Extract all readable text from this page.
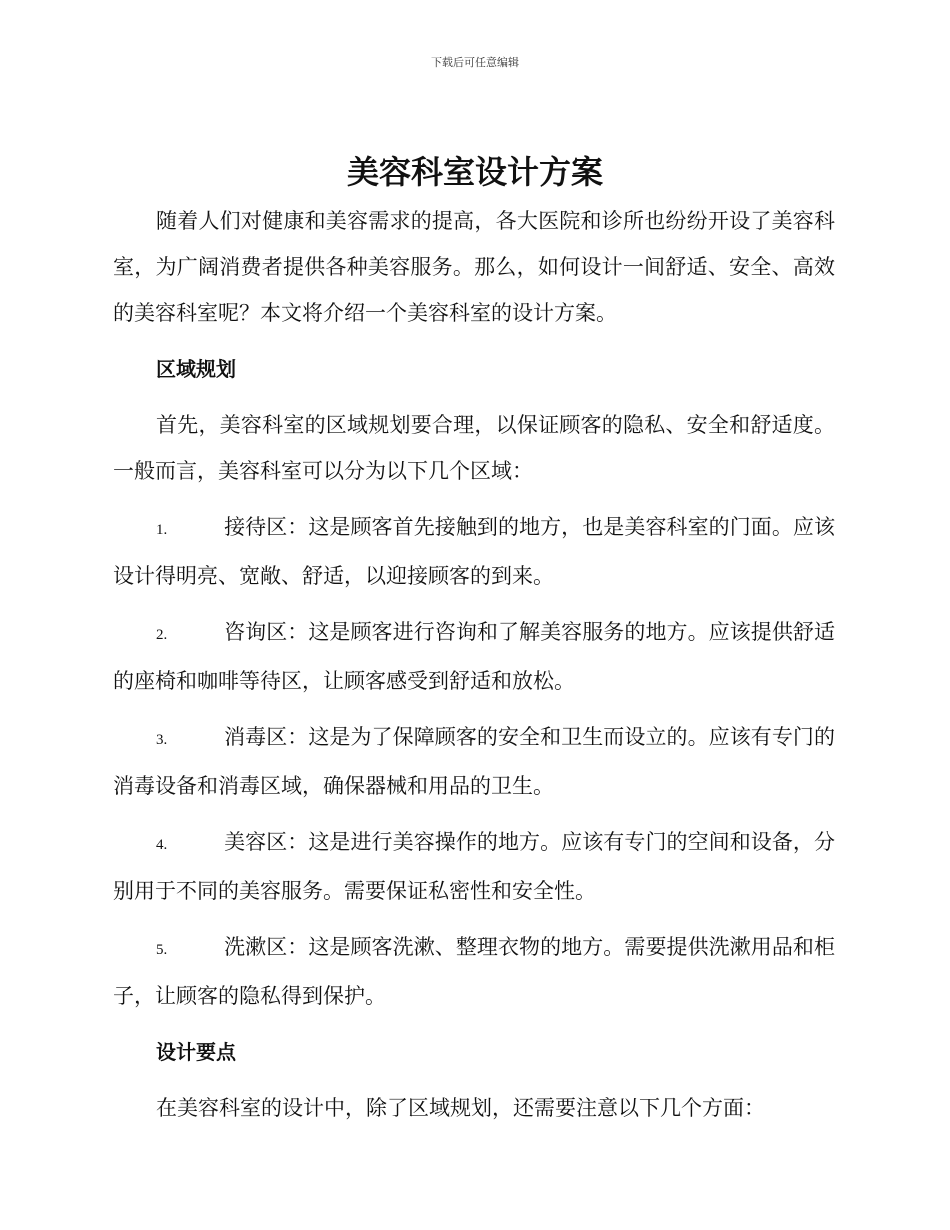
下载后可任意编辑
美容科室设计方案

随着人们对健康和美容需求的提高，各大医院和诊所也纷纷开设了美容科室，为广阔消费者提供各种美容服务。那么，如何设计一间舒适、安全、高效的美容科室呢？本文将介绍一个美容科室的设计方案。

区域规划

首先，美容科室的区域规划要合理，以保证顾客的隐私、安全和舒适度。一般而言，美容科室可以分为以下几个区域：

1.	接待区：这是顾客首先接触到的地方，也是美容科室的门面。应该设计得明亮、宽敞、舒适，以迎接顾客的到来。

2.	咨询区：这是顾客进行咨询和了解美容服务的地方。应该提供舒适的座椅和咖啡等待区，让顾客感受到舒适和放松。

3.	消毒区：这是为了保障顾客的安全和卫生而设立的。应该有专门的消毒设备和消毒区域，确保器械和用品的卫生。

4.	美容区：这是进行美容操作的地方。应该有专门的空间和设备，分别用于不同的美容服务。需要保证私密性和安全性。

5.	洗漱区：这是顾客洗漱、整理衣物的地方。需要提供洗漱用品和柜子，让顾客的隐私得到保护。

设计要点

在美容科室的设计中，除了区域规划，还需要注意以下几个方面：
